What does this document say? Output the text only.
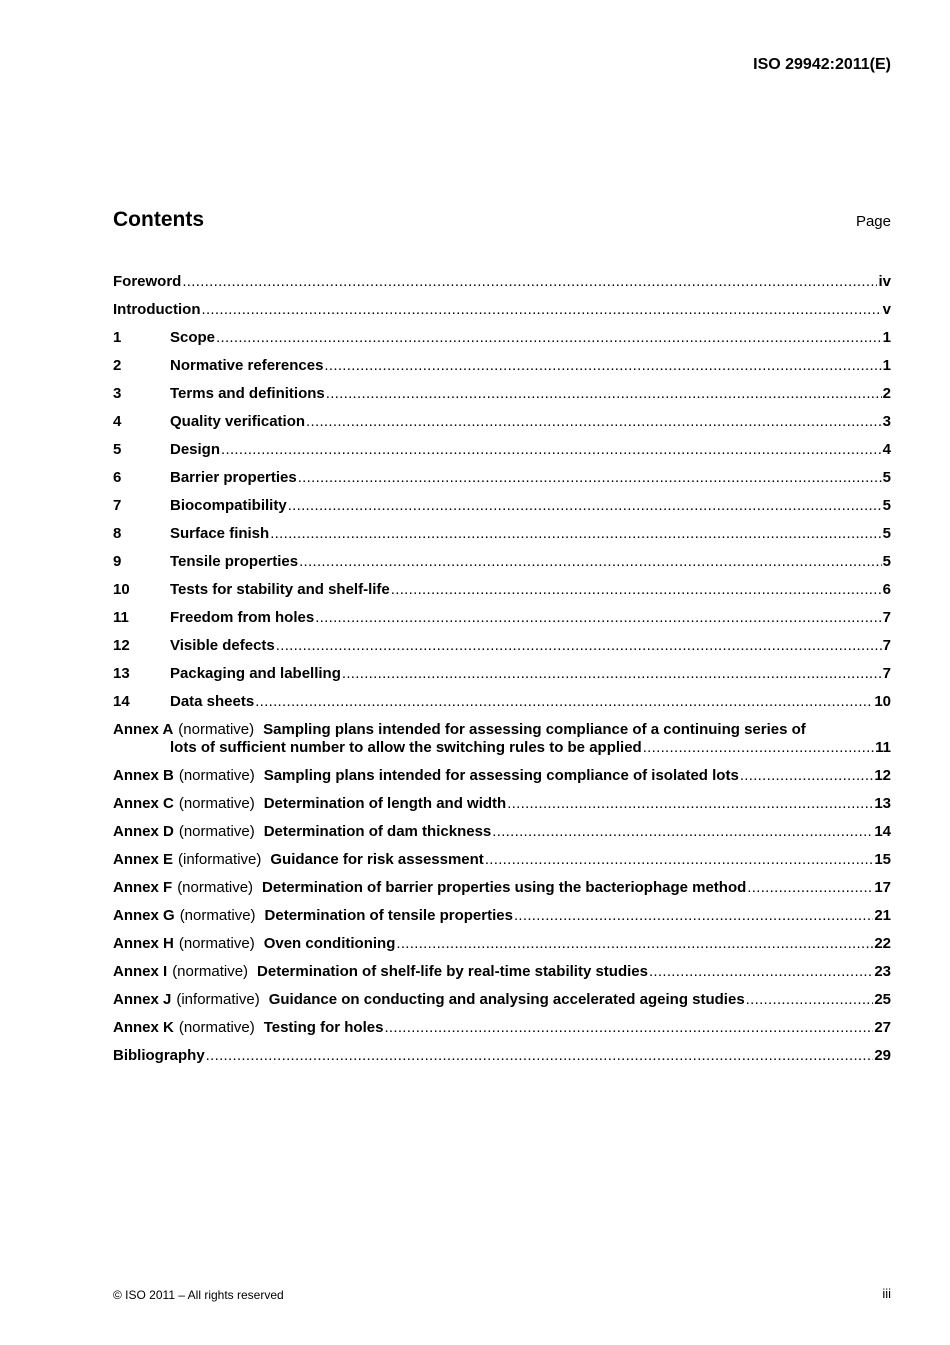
ISO 29942:2011(E)
Contents	Page
Foreword .....	iv
Introduction .....	v
1	Scope .....	1
2	Normative references .....	1
3	Terms and definitions .....	2
4	Quality verification .....	3
5	Design .....	4
6	Barrier properties .....	5
7	Biocompatibility .....	5
8	Surface finish .....	5
9	Tensile properties .....	5
10	Tests for stability and shelf-life .....	6
11	Freedom from holes .....	7
12	Visible defects .....	7
13	Packaging and labelling .....	7
14	Data sheets .....	10
Annex A (normative) Sampling plans intended for assessing compliance of a continuing series of
lots of sufficient number to allow the switching rules to be applied .....	11
Annex B (normative) Sampling plans intended for assessing compliance of isolated lots .....	12
Annex C (normative) Determination of length and width .....	13
Annex D (normative) Determination of dam thickness .....	14
Annex E (informative) Guidance for risk assessment .....	15
Annex F (normative) Determination of barrier properties using the bacteriophage method .....	17
Annex G (normative) Determination of tensile properties .....	21
Annex H (normative) Oven conditioning .....	22
Annex I (normative) Determination of shelf-life by real-time stability studies .....	23
Annex J (informative) Guidance on conducting and analysing accelerated ageing studies .....	25
Annex K (normative) Testing for holes .....	27
Bibliography .....	29
© ISO 2011 – All rights reserved	iii
